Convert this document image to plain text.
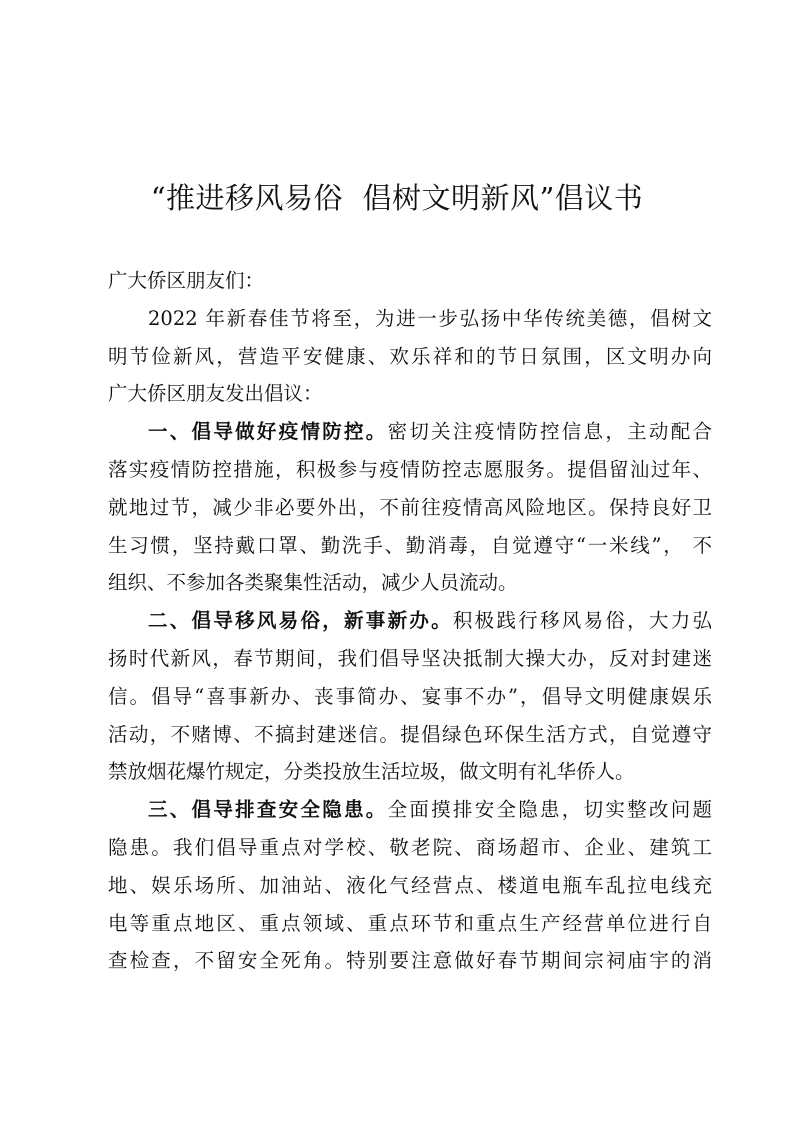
“推进移风易俗  倡树文明新风”倡议书
广大侨区朋友们：
2022 年新春佳节将至，为进一步弘扬中华传统美德，倡树文
明节俭新风，营造平安健康、欢乐祥和的节日氛围，区文明办向
广大侨区朋友发出倡议：
一、倡导做好疫情防控。密切关注疫情防控信息，主动配合
落实疫情防控措施，积极参与疫情防控志愿服务。提倡留汕过年、
就地过节，减少非必要外出，不前往疫情高风险地区。保持良好卫
生习惯，坚持戴口罩、勤洗手、勤消毒，自觉遵守“一米线”， 不
组织、不参加各类聚集性活动，减少人员流动。
二、倡导移风易俗，新事新办。积极践行移风易俗，大力弘
扬时代新风，春节期间，我们倡导坚决抵制大操大办，反对封建迷
信。倡导“喜事新办、丧事简办、宴事不办”，倡导文明健康娱乐
活动，不赌博、不搞封建迷信。提倡绿色环保生活方式，自觉遵守
禁放烟花爆竹规定，分类投放生活垃圾，做文明有礼华侨人。
三、倡导排查安全隐患。全面摸排安全隐患，切实整改问题
隐患。我们倡导重点对学校、敬老院、商场超市、企业、建筑工
地、娱乐场所、加油站、液化气经营点、楼道电瓶车乱拉电线充
电等重点地区、重点领域、重点环节和重点生产经营单位进行自
查检查，不留安全死角。特别要注意做好春节期间宗祠庙宇的消
